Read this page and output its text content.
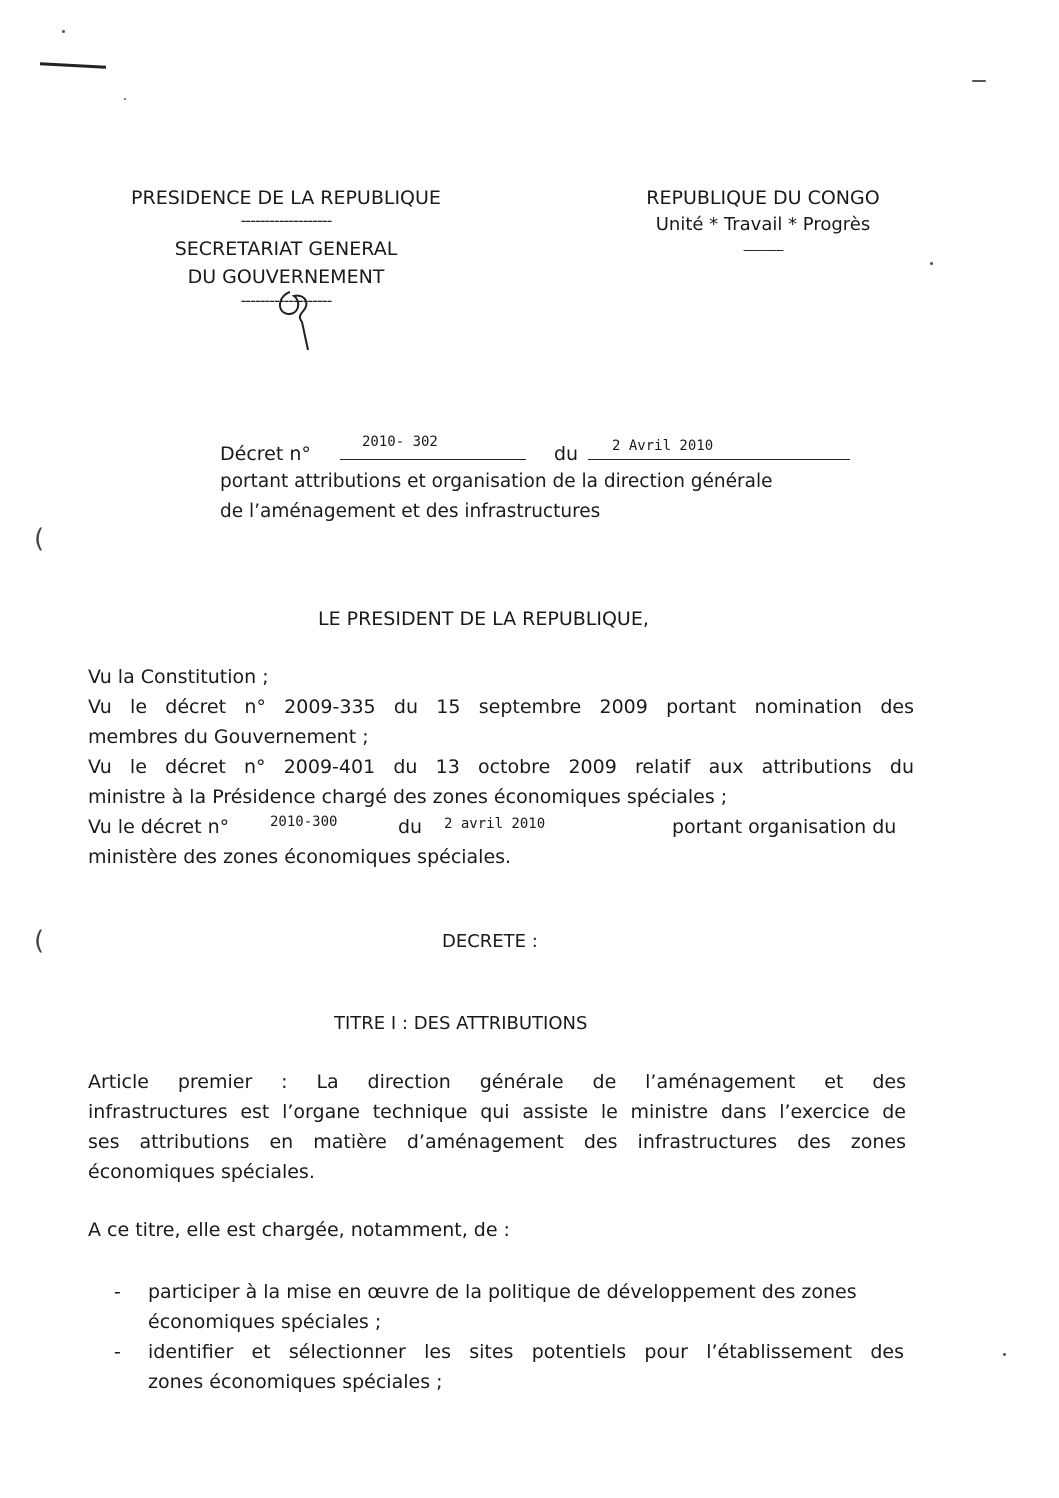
(
(
PRESIDENCE DE LA REPUBLIQUE
-------------------
SECRETARIAT GENERAL
DU GOUVERNEMENT
-------------------
REPUBLIQUE DU CONGO
Unité * Travail * Progrès
------------
Décret n°
2010- 302
du 2 Avril 2010
portant attributions et organisation de la direction générale
de l’aménagement et des infrastructures
LE PRESIDENT DE LA REPUBLIQUE,
Vu la Constitution ;
Vu le décret n° 2009-335 du 15 septembre 2009 portant nomination des
membres du Gouvernement ;
Vu le décret n° 2009-401 du 13 octobre 2009 relatif aux attributions du
ministre à la Présidence chargé des zones économiques spéciales ;
Vu le décret n°	2010-300	du 2 avril 2010	portant organisation du
ministère des zones économiques spéciales.
DECRETE :
TITRE I : DES ATTRIBUTIONS
Article premier : La direction générale de l’aménagement et des
infrastructures est l’organe technique qui assiste le ministre dans l’exercice de
ses attributions en matière d’aménagement des infrastructures des zones
économiques spéciales.
A ce titre, elle est chargée, notamment, de :
-	participer à la mise en œuvre de la politique de développement des zones
économiques spéciales ;
-	identifier et sélectionner les sites potentiels pour l’établissement des
zones économiques spéciales ;
